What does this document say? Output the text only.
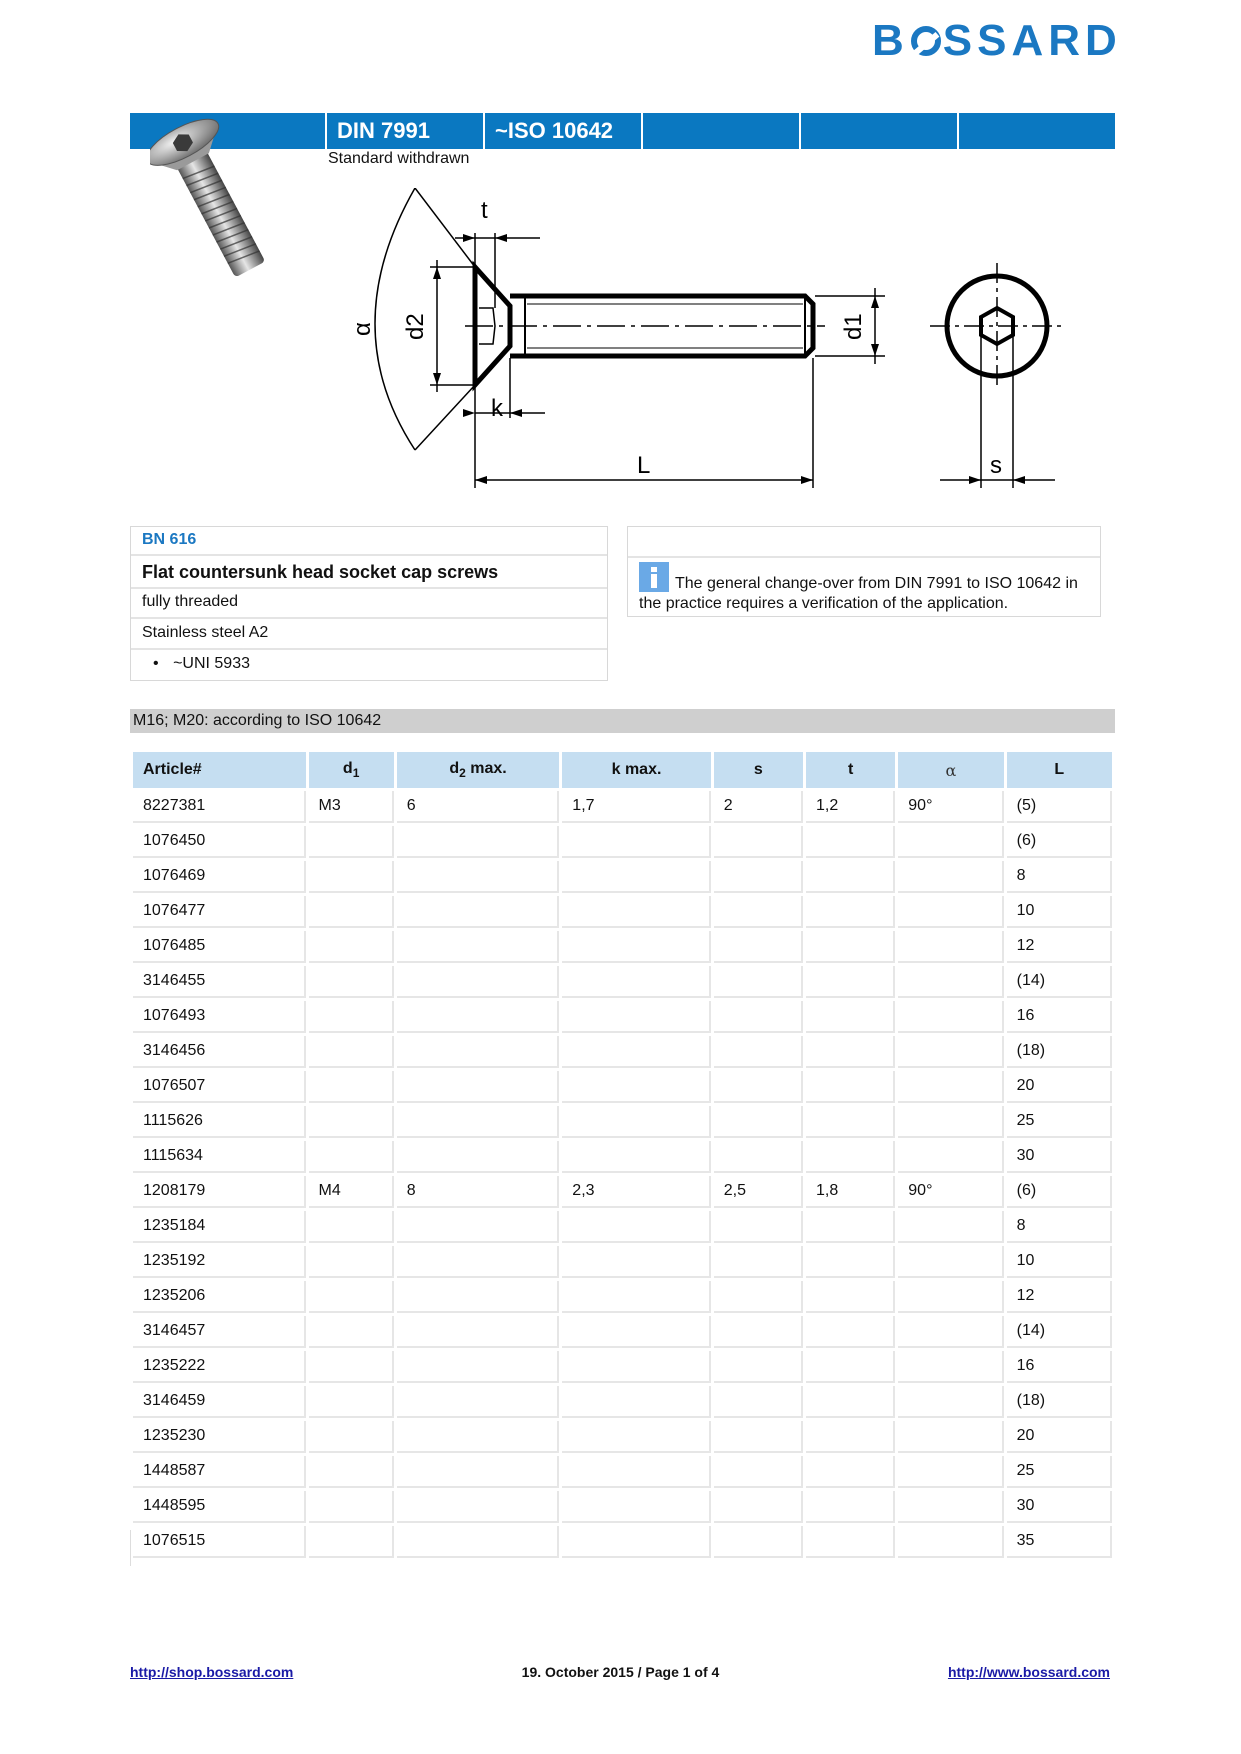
B SSARD
DIN 7991	~ISO 10642
Standard withdrawn
t
α d2	d1
k
L	s
BN 616
Flat countersunk head socket cap screws
fully threaded
Stainless steel A2
• ~UNI 5933
The general change-over from DIN 7991 to ISO 10642 in the practice requires a verification of the application.
M16; M20: according to ISO 10642
Article#	$d_1$	$d_2$ max.	k max.	s	t	α	L
8227381	M3	6	1,7	2	1,2	90°	(5)
1076450							(6)
1076469							8
1076477							10
1076485							12
3146455							(14)
1076493							16
3146456							(18)
1076507							20
1115626							25
1115634							30
1208179	M4	8	2,3	2,5	1,8	90°	(6)
1235184							8
1235192							10
1235206							12
3146457							(14)
1235222							16
3146459							(18)
1235230							20
1448587							25
1448595							30
1076515							35
http://shop.bossard.com	19. October 2015 / Page 1 of 4	http://www.bossard.com
